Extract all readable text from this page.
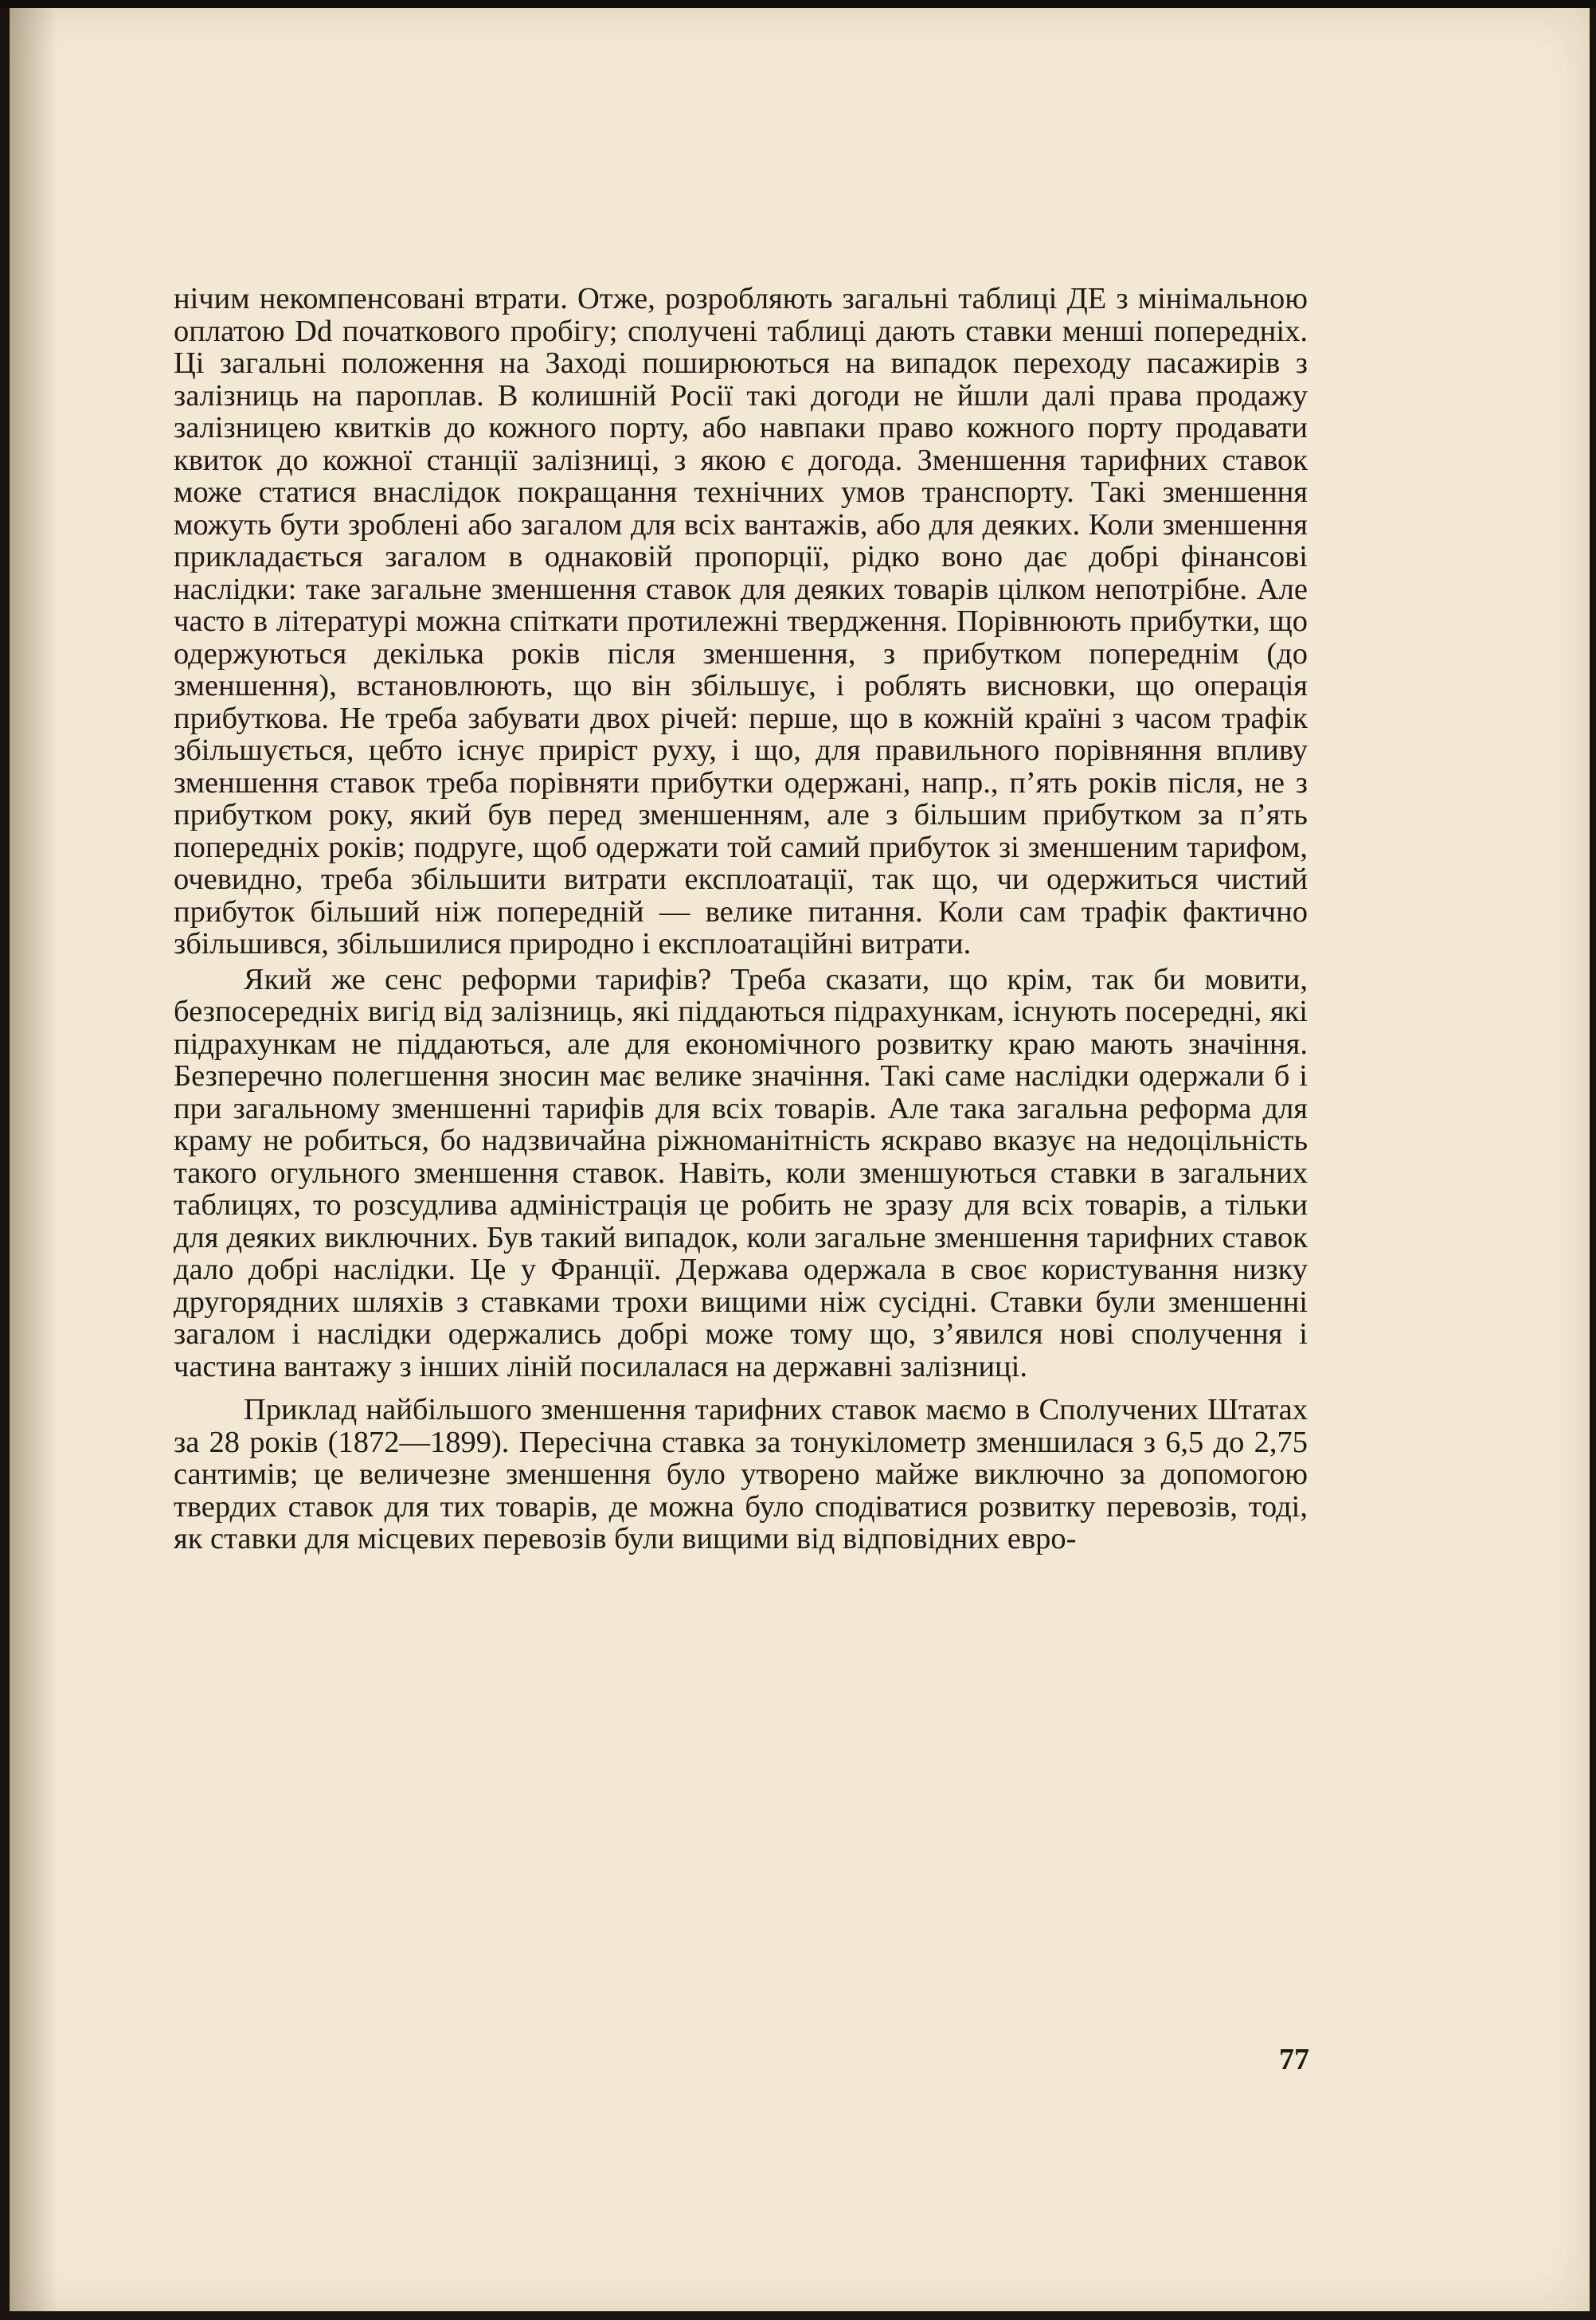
нічим некомпенсовані втрати. Отже, розробляють загальні таблиці ДЕ з мінімальною оплатою Dd початкового пробігу; сполучені таблиці дають ставки менші попередніх. Ці загальні положення на Заході поширюються на випадок переходу пасажирів з залізниць на пароплав. В колишній Росії такі догоди не йшли далі права продажу залізницею квитків до кожного порту, або навпаки право кожного порту продавати квиток до кожної станції залізниці, з якою є догода. Зменшення тарифних ставок може статися внаслідок покращання технічних умов транспорту. Такі зменшення можуть бути зроблені або загалом для всіх вантажів, або для деяких. Коли зменшення прикладається загалом в однаковій пропорції, рідко воно дає добрі фінансові наслідки: таке загальне зменшення ставок для деяких товарів цілком непотрібне. Але часто в літературі можна спіткати протилежні твердження. Порівнюють прибутки, що одержуються декілька років після зменшення, з прибутком попереднім (до зменшення), встановлюють, що він збільшує, і роблять висновки, що операція прибуткова. Не треба забувати двох річей: перше, що в кожній країні з часом трафік збільшується, цебто існує приріст руху, і що, для правильного порівняння впливу зменшення ставок треба порівняти прибутки одержані, напр., п’ять років після, не з прибутком року, який був перед зменшенням, але з більшим прибутком за п’ять попередніх років; подруге, щоб одержати той самий прибуток зі зменшеним тарифом, очевидно, треба збільшити витрати експлоатації, так що, чи одержиться чистий прибуток більший ніж попередній — велике питання. Коли сам трафік фактично збільшився, збільшилися природно і експлоатаційні витрати.

Який же сенс реформи тарифів? Треба сказати, що крім, так би мовити, безпосередніх вигід від залізниць, які піддаються підрахункам, існують посередні, які підрахункам не піддаються, але для економічного розвитку краю мають значіння. Безперечно полегшення зносин має велике значіння. Такі саме наслідки одержали б і при загальному зменшенні тарифів для всіх товарів. Але така загальна реформа для краму не робиться, бо надзвичайна ріжноманітність яскраво вказує на недоцільність такого огульного зменшення ставок. Навіть, коли зменшуються ставки в загальних таблицях, то розсудлива адміністрація це робить не зразу для всіх товарів, а тільки для деяких виключних. Був такий випадок, коли загальне зменшення тарифних ставок дало добрі наслідки. Це у Франції. Держава одержала в своє користування низку другорядних шляхів з ставками трохи вищими ніж сусідні. Ставки були зменшенні загалом і наслідки одержались добрі може тому що, з’явился нові сполучення і частина вантажу з інших ліній посилалася на державні залізниці.

Приклад найбільшого зменшення тарифних ставок маємо в Сполучених Штатах за 28 років (1872—1899). Пересічна ставка за тонукілометр зменшилася з 6,5 до 2,75 сантимів; це величезне зменшення було утворено майже виключно за допомогою твердих ставок для тих товарів, де можна було сподіватися розвитку перевозів, тоді, як ставки для місцевих перевозів були вищими від відповідних евро-

77
